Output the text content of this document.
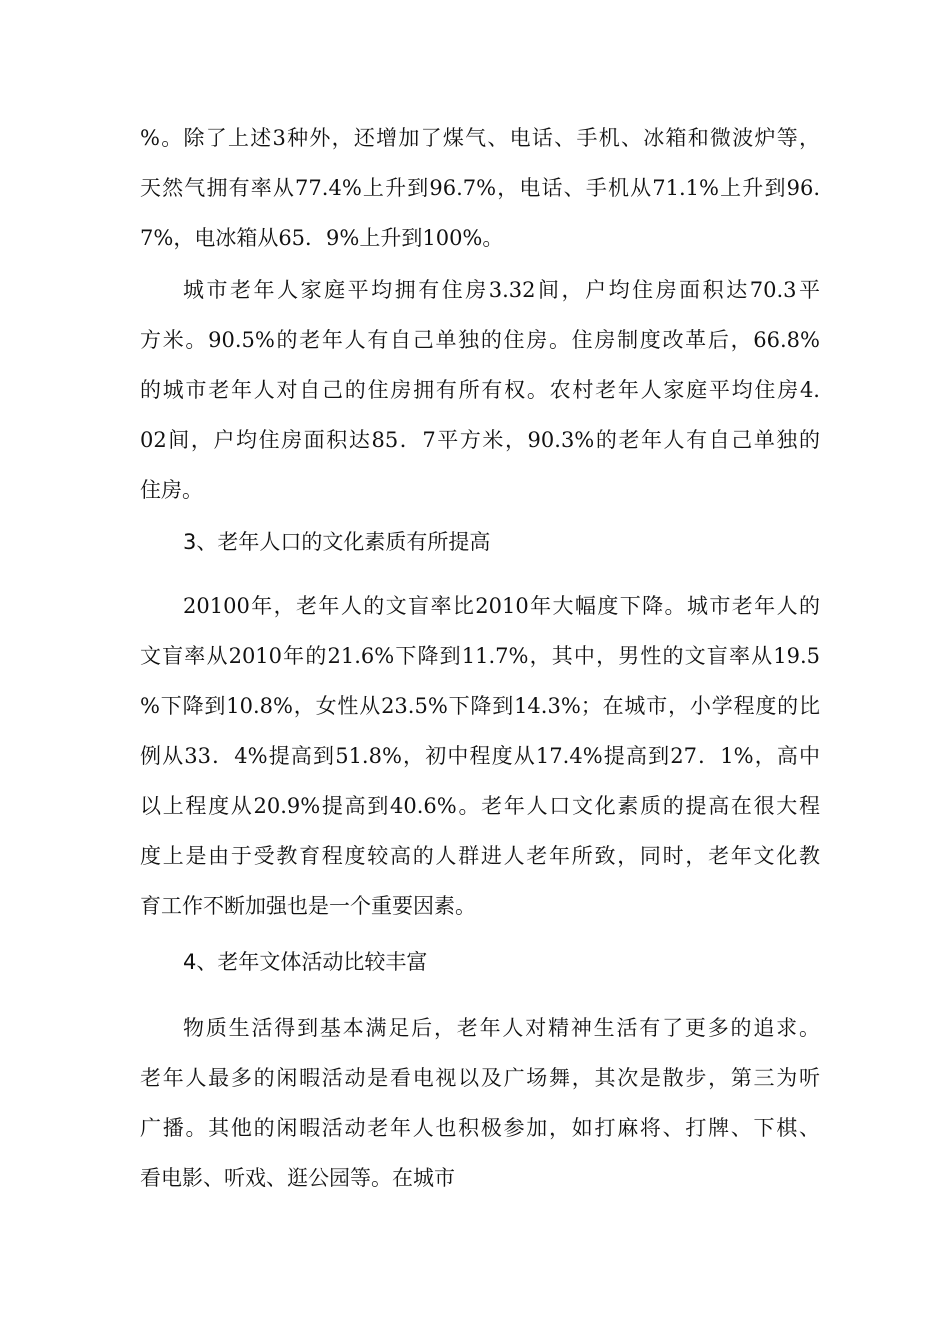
%。除了上述3种外，还增加了煤气、电话、手机、冰箱和微波炉等，

天然气拥有率从77.4%上升到96.7%，电话、手机从71.1%上升到96.

7%，电冰箱从65．9%上升到100%。

城市老年人家庭平均拥有住房3.32间，户均住房面积达70.3平

方米。90.5%的老年人有自己单独的住房。住房制度改革后，66.8%

的城市老年人对自己的住房拥有所有权。农村老年人家庭平均住房4.

02间，户均住房面积达85．7平方米，90.3%的老年人有自己单独的

住房。

3、老年人口的文化素质有所提高

20100年，老年人的文盲率比2010年大幅度下降。城市老年人的

文盲率从2010年的21.6%下降到11.7%，其中，男性的文盲率从19.5

%下降到10.8%，女性从23.5%下降到14.3%；在城市，小学程度的比

例从33．4%提高到51.8%，初中程度从17.4%提高到27．1%，高中

以上程度从20.9%提高到40.6%。老年人口文化素质的提高在很大程

度上是由于受教育程度较高的人群进人老年所致，同时，老年文化教

育工作不断加强也是一个重要因素。

4、老年文体活动比较丰富

物质生活得到基本满足后，老年人对精神生活有了更多的追求。

老年人最多的闲暇活动是看电视以及广场舞，其次是散步，第三为听

广播。其他的闲暇活动老年人也积极参加，如打麻将、打牌、下棋、

看电影、听戏、逛公园等。在城市
